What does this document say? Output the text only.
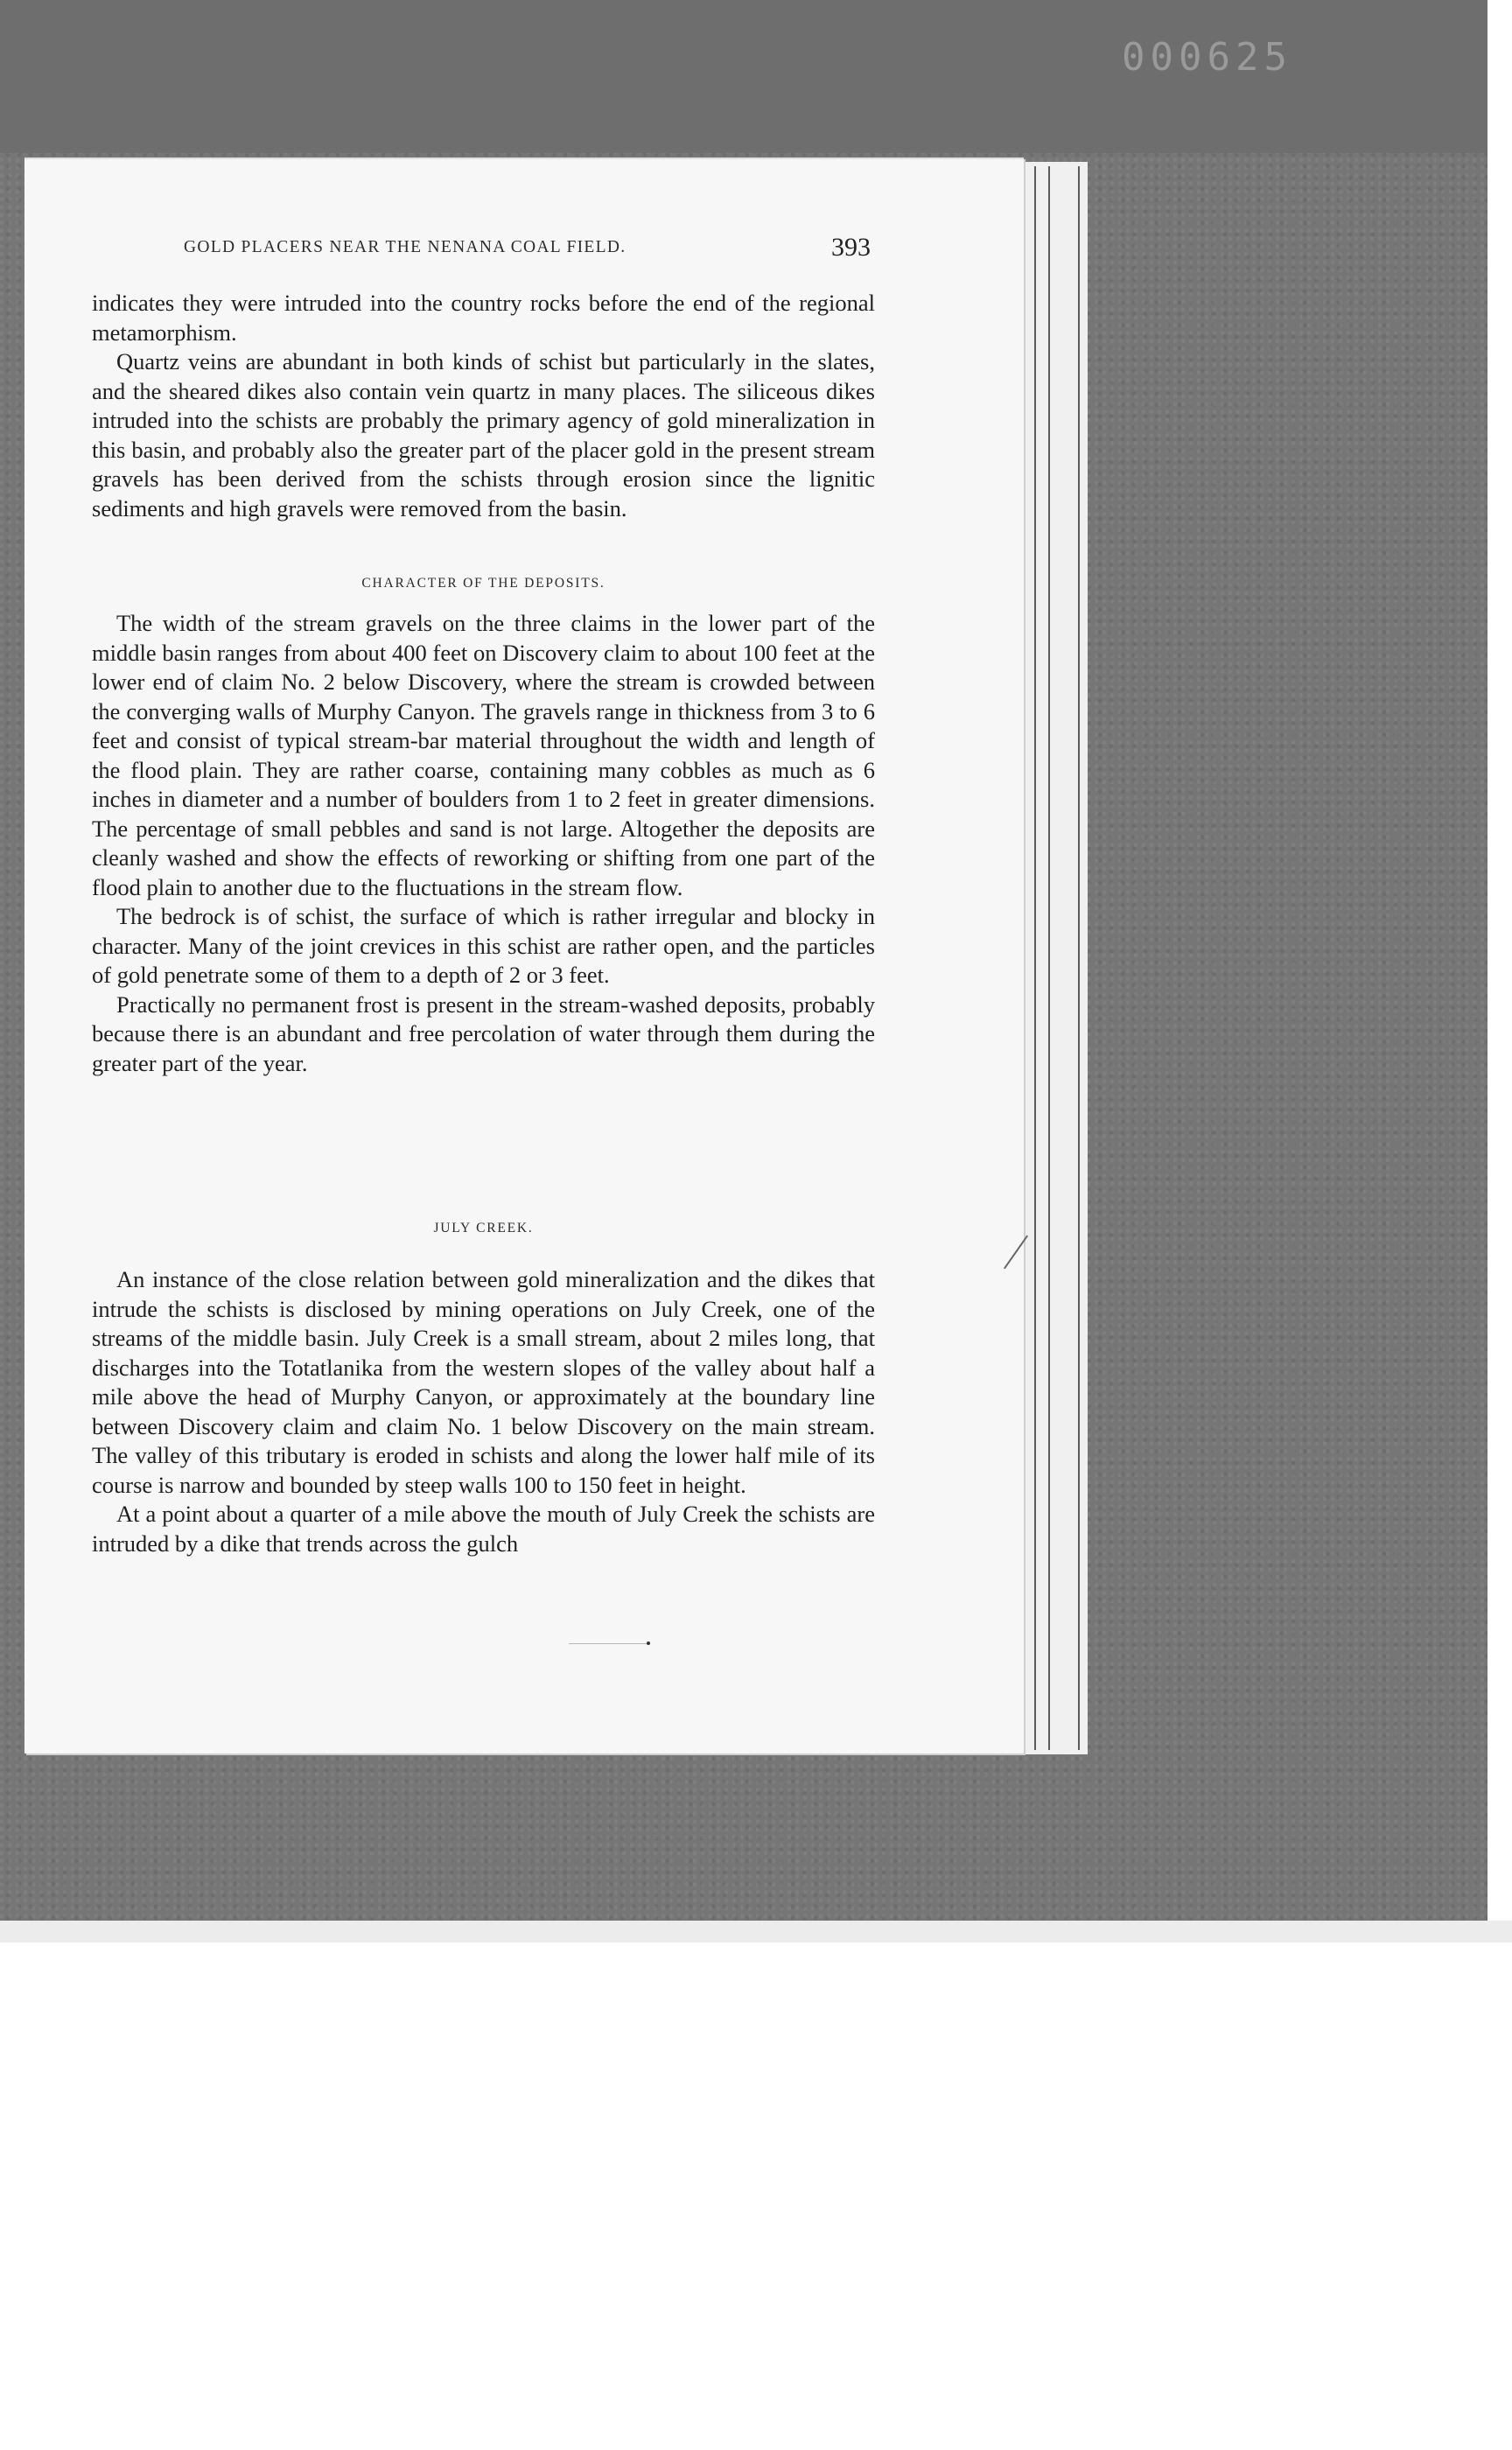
000625
GOLD PLACERS NEAR THE NENANA COAL FIELD.	393

indicates they were intruded into the country rocks before the end of the regional metamorphism.

Quartz veins are abundant in both kinds of schist but particularly in the slates, and the sheared dikes also contain vein quartz in many places. The siliceous dikes intruded into the schists are probably the primary agency of gold mineralization in this basin, and probably also the greater part of the placer gold in the present stream gravels has been derived from the schists through erosion since the lignitic sediments and high gravels were removed from the basin.

CHARACTER OF THE DEPOSITS.

The width of the stream gravels on the three claims in the lower part of the middle basin ranges from about 400 feet on Discovery claim to about 100 feet at the lower end of claim No. 2 below Discovery, where the stream is crowded between the converging walls of Murphy Canyon. The gravels range in thickness from 3 to 6 feet and consist of typical stream-bar material throughout the width and length of the flood plain. They are rather coarse, containing many cobbles as much as 6 inches in diameter and a number of boulders from 1 to 2 feet in greater dimensions. The percentage of small pebbles and sand is not large. Altogether the deposits are cleanly washed and show the effects of reworking or shifting from one part of the flood plain to another due to the fluctuations in the stream flow.

The bedrock is of schist, the surface of which is rather irregular and blocky in character. Many of the joint crevices in this schist are rather open, and the particles of gold penetrate some of them to a depth of 2 or 3 feet.

Practically no permanent frost is present in the stream-washed deposits, probably because there is an abundant and free percolation of water through them during the greater part of the year.

JULY CREEK.

An instance of the close relation between gold mineralization and the dikes that intrude the schists is disclosed by mining operations on July Creek, one of the streams of the middle basin. July Creek is a small stream, about 2 miles long, that discharges into the Totatlanika from the western slopes of the valley about half a mile above the head of Murphy Canyon, or approximately at the boundary line between Discovery claim and claim No. 1 below Discovery on the main stream. The valley of this tributary is eroded in schists and along the lower half mile of its course is narrow and bounded by steep walls 100 to 150 feet in height.

At a point about a quarter of a mile above the mouth of July Creek the schists are intruded by a dike that trends across the gulch
